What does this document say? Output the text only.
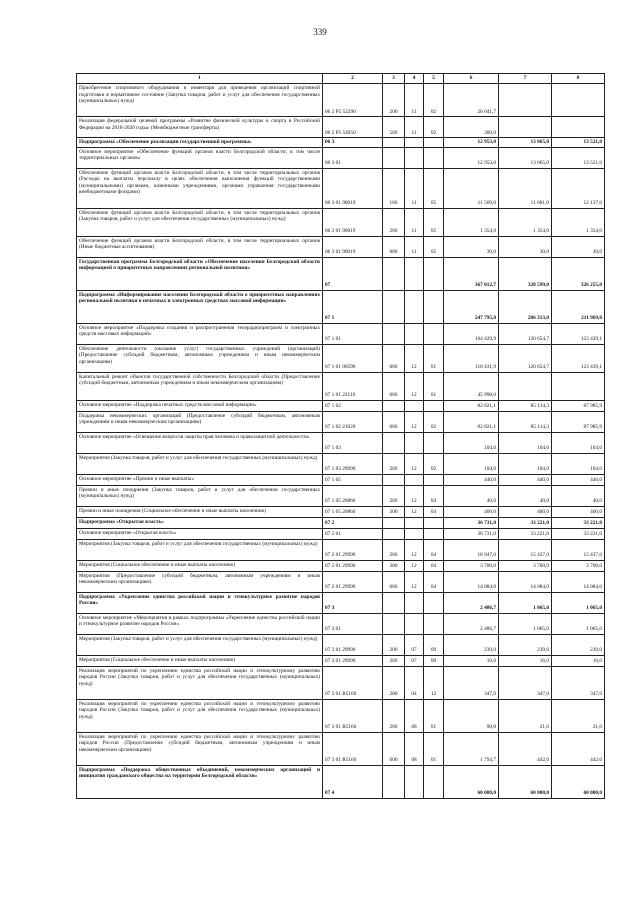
339
1	2	3	4	5	6	7	8
Приобретение спортивного оборудования и инвентаря для приведения организаций спортивной подготовки в нормативное состояние (Закупка товаров, работ и услуг для обеспечения государственных (муниципальных) нужд)	06 2 P5 52290	200	11	02	26 041,7		
Реализация федеральной целевой программы «Развитие физической культуры и спорта в Российской Федерации на 2016-2020 годы» (Межбюджетные трансферты)	06 2 P5 54950	500	11	02	300,0		
Подпрограмма «Обеспечение реализации государственной программы»	06 3				12 953,0	13 065,0	13 521,0
Основное мероприятие «Обеспечение функций органов власти Белгородской области, в том числе территориальных органов»	06 3 01				12 953,0	13 065,0	13 521,0
Обеспечение функций органов власти Белгородской области, в том числе территориальных органов (Расходы на выплаты персоналу в целях обеспечения выполнения функций государственными (муниципальными) органами, казенными учреждениями, органами управления государственными внебюджетными фондами)	06 3 01 90019	100	11	05	11 569,0	11 681,0	12 137,0
Обеспечение функций органов власти Белгородской области, в том числе территориальных органов (Закупка товаров, работ и услуг для обеспечения государственных (муниципальных) нужд)	06 3 01 90019	200	11	05	1 354,0	1 354,0	1 354,0
Обеспечение функций органов власти Белгородской области, в том числе территориальных органов (Иные бюджетные ассигнования)	06 3 01 90019	800	11	05	30,0	30,0	30,0
Государственная программа Белгородской области «Обеспечение населения Белгородской области информацией о приоритетных направлениях региональной политики»	07				367 012,7	320 599,0	326 255,0
Подпрограмма «Информирование населения Белгородской области о приоритетных направлениях региональной политики в печатных и электронных средствах массовой информации»	07 1				247 795,0	206 313,0	211 969,0
Основное мероприятие «Поддержка создания и распространения телерадиопрограмм и электронных средств массовых информаций»	07 1 01				164 429,9	120 654,7	123 439,1
Обеспечение деятельности (оказание услуг) государственных учреждений (организаций) (Предоставление субсидий бюджетным, автономным учреждениям и иным некоммерческим организациям)	07 1 01 00590	600	12	01	118 431,9	120 654,7	123 439,1
Капитальный ремонт объектов государственной собственности Белгородской области (Предоставление субсидий бюджетным, автономным учреждениям и иным некоммерческим организациям)	07 1 01 22110	600	12	01	45 998,0		
Основное мероприятие «Поддержка печатных средств массовой информации»	07 1 02				82 821,1	85 114,3	87 985,9
Поддержка некоммерческих организаций (Предоставление субсидий бюджетным, автономным учреждениям и иным некоммерческим организациям)	07 1 02 21020	600	12	02	82 821,1	85 114,3	87 985,9
Основное мероприятие «Освещение вопросов защиты прав человека и правозащитной деятельности»	07 1 03				104,0	104,0	104,0
Мероприятия (Закупка товаров, работ и услуг для обеспечения государственных (муниципальных) нужд)	07 1 03 29990	200	12	02	104,0	104,0	104,0
Основное мероприятие «Премии и иные выплаты»	07 1 05				440,0	440,0	440,0
Премии и иные поощрения (Закупка товаров, работ и услуг для обеспечения государственных (муниципальных) нужд)	07 1 05 20860	200	12	04	40,0	40,0	40,0
Премии и иные поощрения (Социальное обеспечение и иные выплаты населению)	07 1 05 20860	300	12	04	400,0	400,0	400,0
Подпрограмма «Открытая власть»	07 2				36 731,0	33 221,0	33 221,0
Основное мероприятие «Открытая власть»	07 2 01				36 731,0	33 221,0	33 221,0
Мероприятия (Закупка товаров, работ и услуг для обеспечения государственных (муниципальных) нужд)	07 2 01 29990	200	12	04	18 947,0	15 437,0	15 437,0
Мероприятия (Социальное обеспечение и иные выплаты населению)	07 2 01 29990	300	12	04	3 700,0	3 700,0	3 700,0
Мероприятия (Предоставление субсидий бюджетным, автономным учреждениям и иным некоммерческим организациям)	07 2 01 29990	600	12	04	14 084,0	14 084,0	14 084,0
Подпрограмма «Укрепление единства российской нации и этнокультурное развитие народов России»	07 3				2 486,7	1 065,0	1 065,0
Основное мероприятие «Мероприятия в рамках подпрограммы «Укрепление единства российской нации и этнокультурное развитие народов России»	07 3 01				2 486,7	1 065,0	1 065,0
Мероприятия (Закупка товаров, работ и услуг для обеспечения государственных (муниципальных) нужд)	07 3 01 29990	200	07	09	239,0	239,0	239,0
Мероприятия (Социальное обеспечение и иные выплаты населению)	07 3 01 29990	300	07	09	16,0	16,0	16,0
Реализация мероприятий по укреплению единства российской нации и этнокультурному развитию народов России (Закупка товаров, работ и услуг для обеспечения государственных (муниципальных) нужд)	07 3 01 R5160	200	04	12	347,0	347,0	347,0
Реализация мероприятий по укреплению единства российской нации и этнокультурному развитию народов России (Закупка товаров, работ и услуг для обеспечения государственных (муниципальных) нужд)	07 3 01 R5160	200	08	01	90,0	21,0	21,0
Реализация мероприятий по укреплению единства российской нации и этнокультурному развитию народов России (Предоставление субсидий бюджетным, автономным учреждениям и иным некоммерческим организациям)	07 3 01 R5160	600	08	01	1 794,7	442,0	442,0
Подпрограмма «Поддержка общественных объединений, некоммерческих организаций и инициатив гражданского общества на территории Белгородской области»	07 4				60 000,0	60 000,0	60 000,0
